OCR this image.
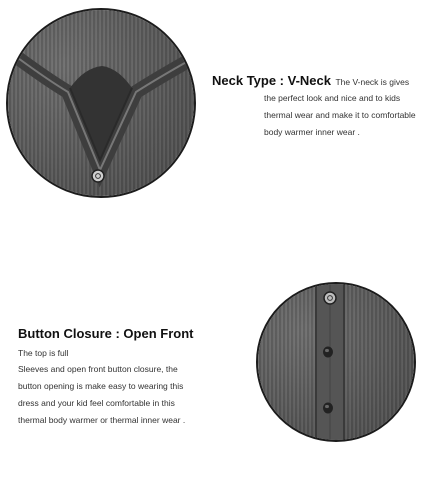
Neck Type : V-Neck The V-neck is gives

the perfect look and nice and to kids

thermal wear and make it to comfortable

body warmer inner wear .

Button Closure : Open Front The top is full

Sleeves and open front button closure, the

button opening is make easy to wearing this

dress and your kid feel comfortable in this

thermal body warmer or thermal inner wear .
